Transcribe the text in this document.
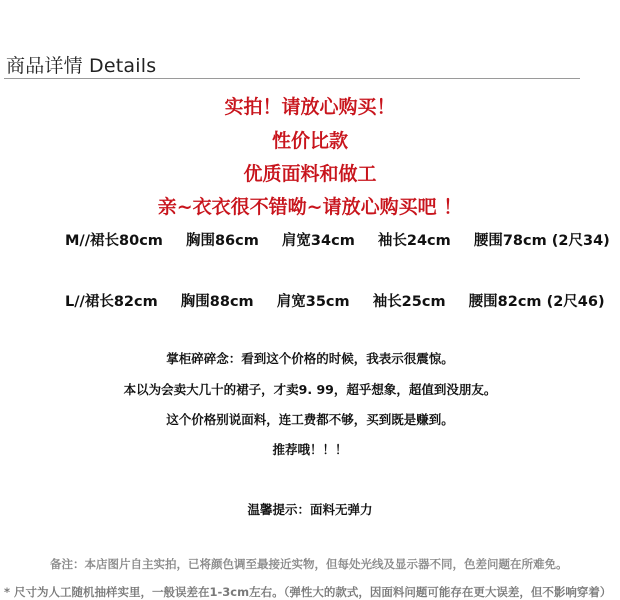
商品详情 Details
实拍！请放心购买！
性价比款
优质面料和做工
亲~衣衣很不错呦~请放心购买吧 ！
M//裙长80cm 胸围86cm 肩宽34cm 袖长24cm 腰围78cm (2尺34)
L//裙长82cm 胸围88cm 肩宽35cm 袖长25cm 腰围82cm (2尺46)
掌柜碎碎念：看到这个价格的时候，我表示很震惊。
本以为会卖大几十的裙子，才卖9. 99，超乎想象，超值到没朋友。
这个价格别说面料，连工费都不够，买到既是赚到。
推荐哦！！！
温馨提示：面料无弹力
备注：本店图片自主实拍，已将颜色调至最接近实物，但每处光线及显示器不同，色差问题在所难免。
* 尺寸为人工随机抽样实里，一般误差在1-3cm左右。（弹性大的款式，因面料问题可能存在更大误差，但不影响穿着）
